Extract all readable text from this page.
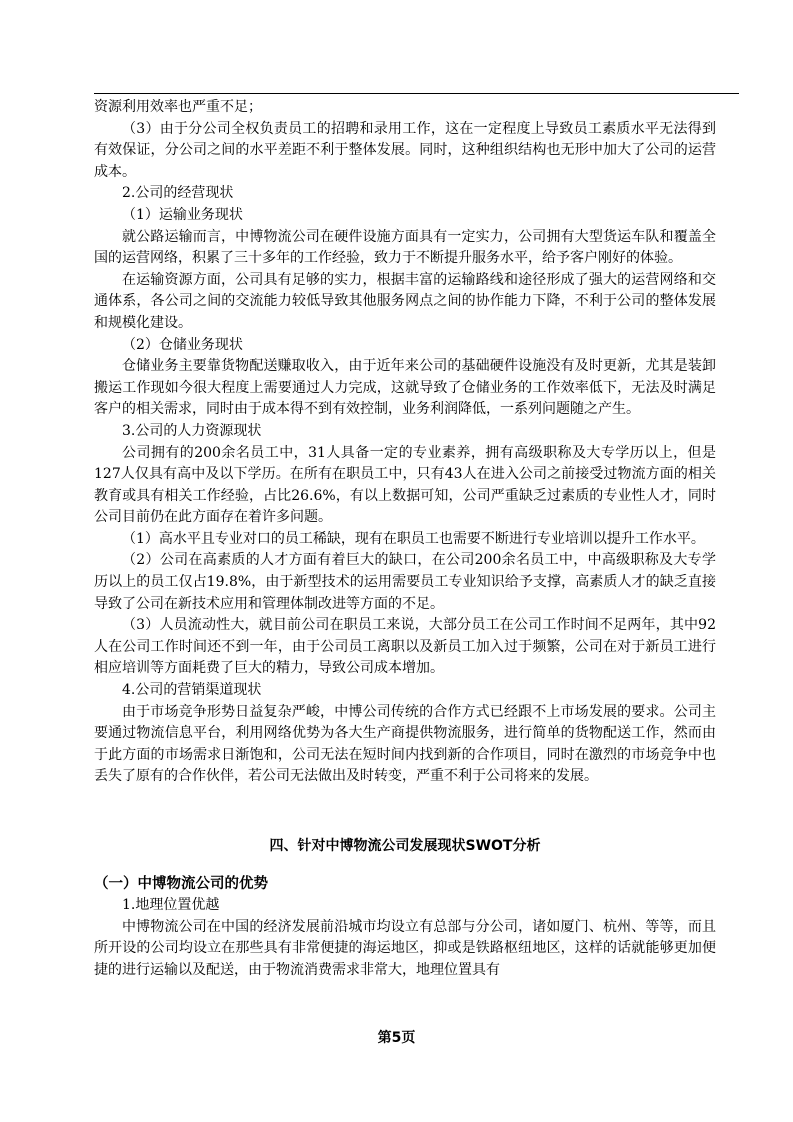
资源利用效率也严重不足；

（3）由于分公司全权负责员工的招聘和录用工作，这在一定程度上导致员工素质水平无法得到有效保证，分公司之间的水平差距不利于整体发展。同时，这种组织结构也无形中加大了公司的运营成本。

2.公司的经营现状

（1）运输业务现状

就公路运输而言，中博物流公司在硬件设施方面具有一定实力，公司拥有大型货运车队和覆盖全国的运营网络，积累了三十多年的工作经验，致力于不断提升服务水平，给予客户刚好的体验。

在运输资源方面，公司具有足够的实力，根据丰富的运输路线和途径形成了强大的运营网络和交通体系，各公司之间的交流能力较低导致其他服务网点之间的协作能力下降，不利于公司的整体发展和规模化建设。

（2）仓储业务现状

仓储业务主要靠货物配送赚取收入，由于近年来公司的基础硬件设施没有及时更新，尤其是装卸搬运工作现如今很大程度上需要通过人力完成，这就导致了仓储业务的工作效率低下，无法及时满足客户的相关需求，同时由于成本得不到有效控制，业务利润降低，一系列问题随之产生。

3.公司的人力资源现状

公司拥有的200余名员工中，31人具备一定的专业素养，拥有高级职称及大专学历以上，但是127人仅具有高中及以下学历。在所有在职员工中，只有43人在进入公司之前接受过物流方面的相关教育或具有相关工作经验，占比26.6%，有以上数据可知，公司严重缺乏过素质的专业性人才，同时公司目前仍在此方面存在着许多问题。

（1）高水平且专业对口的员工稀缺，现有在职员工也需要不断进行专业培训以提升工作水平。

（2）公司在高素质的人才方面有着巨大的缺口，在公司200余名员工中，中高级职称及大专学历以上的员工仅占19.8%，由于新型技术的运用需要员工专业知识给予支撑，高素质人才的缺乏直接导致了公司在新技术应用和管理体制改进等方面的不足。

（3）人员流动性大，就目前公司在职员工来说，大部分员工在公司工作时间不足两年，其中92人在公司工作时间还不到一年，由于公司员工离职以及新员工加入过于频繁，公司在对于新员工进行相应培训等方面耗费了巨大的精力，导致公司成本增加。

4.公司的营销渠道现状

由于市场竞争形势日益复杂严峻，中博公司传统的合作方式已经跟不上市场发展的要求。公司主要通过物流信息平台，利用网络优势为各大生产商提供物流服务，进行简单的货物配送工作，然而由于此方面的市场需求日渐饱和，公司无法在短时间内找到新的合作项目，同时在激烈的市场竞争中也丢失了原有的合作伙伴，若公司无法做出及时转变，严重不利于公司将来的发展。

四、针对中博物流公司发展现状SWOT分析

（一）中博物流公司的优势

1.地理位置优越

中博物流公司在中国的经济发展前沿城市均设立有总部与分公司，诸如厦门、杭州、等等，而且所开设的公司均设立在那些具有非常便捷的海运地区，抑或是铁路枢纽地区，这样的话就能够更加便捷的进行运输以及配送，由于物流消费需求非常大，地理位置具有

第5页
